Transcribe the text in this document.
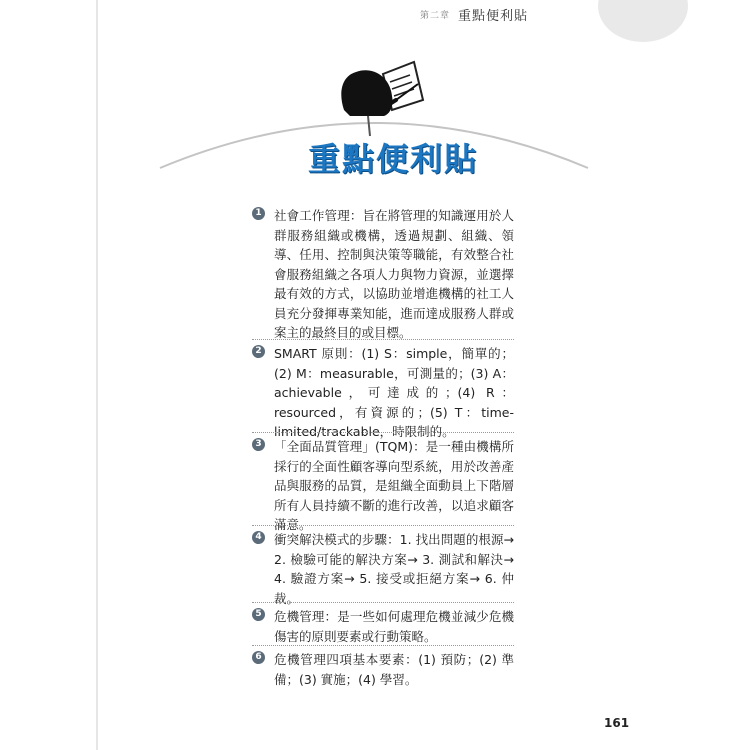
第二章 重點便利貼
重點便利貼
1 社會工作管理：旨在將管理的知識運用於人群服務組織或機構，透過規劃、組織、領導、任用、控制與決策等職能，有效整合社會服務組織之各項人力與物力資源，並選擇最有效的方式，以協助並增進機構的社工人員充分發揮專業知能，進而達成服務人群或案主的最終目的或目標。
2 SMART 原則：(1) S：simple，簡單的；(2) M：measurable，可測量的；(3) A：achievable，可達成的；(4) R：resourced，有資源的；(5) T：time-limited/trackable，時限制的。
3 「全面品質管理」(TQM)：是一種由機構所採行的全面性顧客導向型系統，用於改善產品與服務的品質，是組織全面動員上下階層所有人員持續不斷的進行改善，以追求顧客滿意。
4 衝突解決模式的步驟：1. 找出問題的根源→ 2. 檢驗可能的解決方案→ 3. 測試和解決→ 4. 驗證方案→ 5. 接受或拒絕方案→ 6. 仲裁。
5 危機管理：是一些如何處理危機並減少危機傷害的原則要素或行動策略。
6 危機管理四項基本要素：(1) 預防；(2) 準備；(3) 實施；(4) 學習。
161
